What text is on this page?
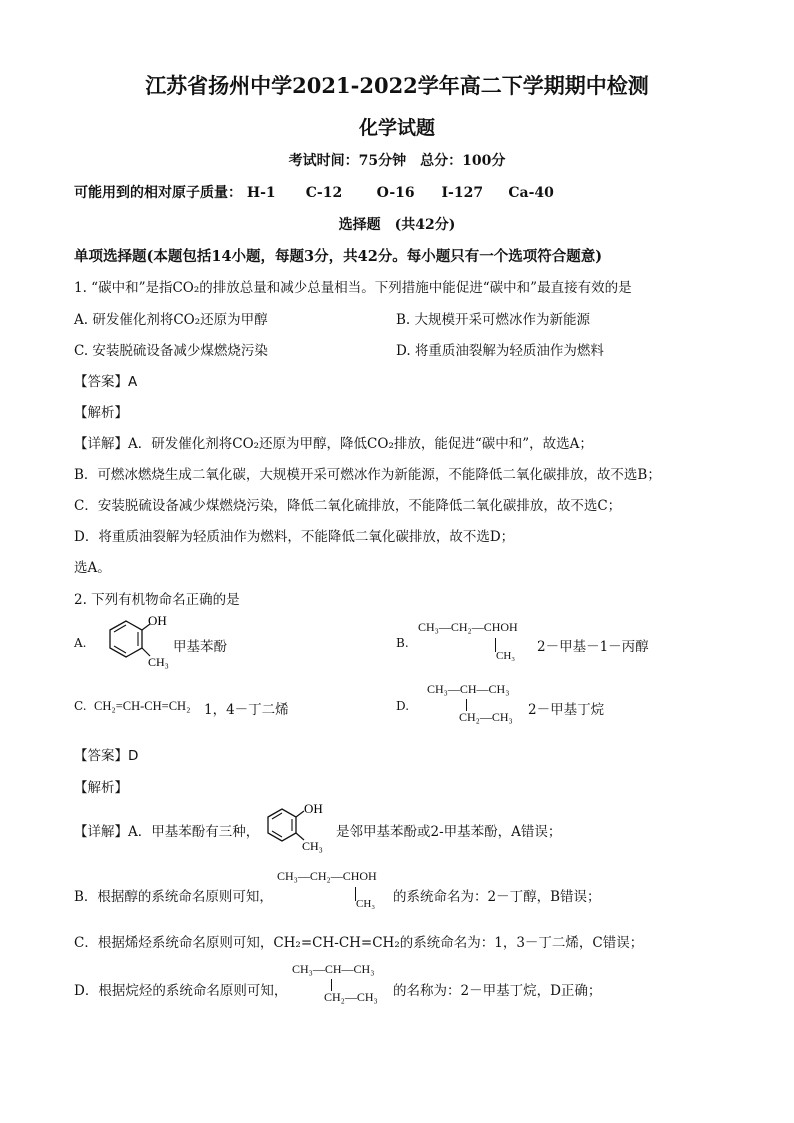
江苏省扬州中学2021-2022学年高二下学期期中检测
化学试题
考试时间：75分钟　总分：100分
可能用到的相对原子质量： H-1 C-12 O-16 I-127 Ca-40
选择题　(共42分)
单项选择题(本题包括14小题，每题3分，共42分。每小题只有一个选项符合题意)
1. “碳中和”是指CO₂的排放总量和减少总量相当。下列措施中能促进“碳中和”最直接有效的是
A. 研发催化剂将CO₂还原为甲醇	B. 大规模开采可燃冰作为新能源
C. 安装脱硫设备减少煤燃烧污染	D. 将重质油裂解为轻质油作为燃料
【答案】A
【解析】
【详解】A．研发催化剂将CO₂还原为甲醇，降低CO₂排放，能促进“碳中和”，故选A；
B．可燃冰燃烧生成二氧化碳，大规模开采可燃冰作为新能源，不能降低二氧化碳排放，故不选B；
C．安装脱硫设备减少煤燃烧污染，降低二氧化硫排放，不能降低二氧化碳排放，故不选C；
D．将重质油裂解为轻质油作为燃料，不能降低二氧化碳排放，故不选D；
选A。
2. 下列有机物命名正确的是
A.
OH
CH₃
甲基苯酚	B.
CH₃—CH₂—CHOH
CH₃
2－甲基－1－丙醇
C. CH₂=CH-CH=CH₂ 1，4－丁二烯	D.
CH₃—CH—CH₃
CH₂—CH₃ 2－甲基丁烷
【答案】D
【解析】
【详解】A．甲基苯酚有三种，
OH
CH₃
是邻甲基苯酚或2-甲基苯酚，A错误；
B．根据醇的系统命名原则可知，
CH₃—CH₂—CHOH
CH₃ 的系统命名为：2－丁醇，B错误；
C．根据烯烃系统命名原则可知，CH₂=CH-CH=CH₂的系统命名为：1，3－丁二烯，C错误；
D．根据烷烃的系统命名原则可知，
CH₃—CH—CH₃
CH₂—CH₃ 的名称为：2－甲基丁烷，D正确；
